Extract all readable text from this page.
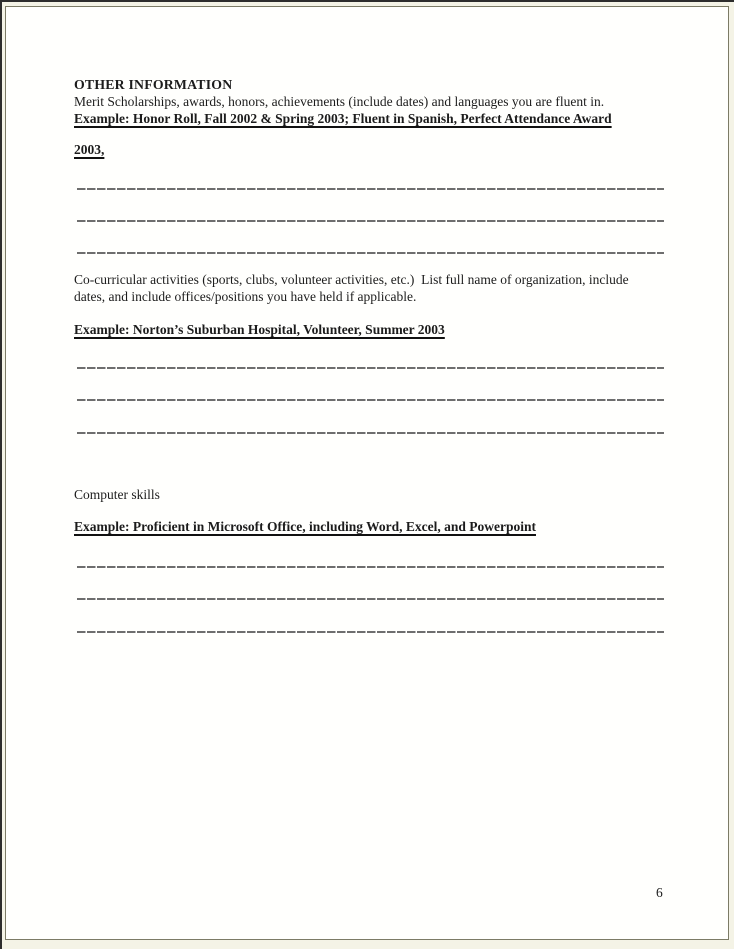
OTHER INFORMATION
Merit Scholarships, awards, honors, achievements (include dates) and languages you are fluent in.
Example: Honor Roll, Fall 2002 & Spring 2003; Fluent in Spanish, Perfect Attendance Award
2003,
Co-curricular activities (sports, clubs, volunteer activities, etc.)  List full name of organization, include
dates, and include offices/positions you have held if applicable.
Example: Norton’s Suburban Hospital, Volunteer, Summer 2003
Computer skills
Example: Proficient in Microsoft Office, including Word, Excel, and Powerpoint
6
